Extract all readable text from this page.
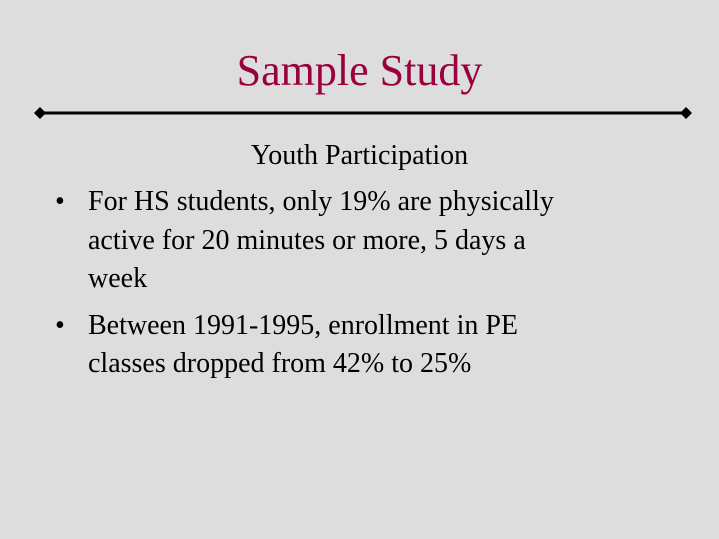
Sample Study
Youth Participation
• For HS students, only 19% are physically
active for 20 minutes or more, 5 days a
week
• Between 1991-1995, enrollment in PE
classes dropped from 42% to 25%
